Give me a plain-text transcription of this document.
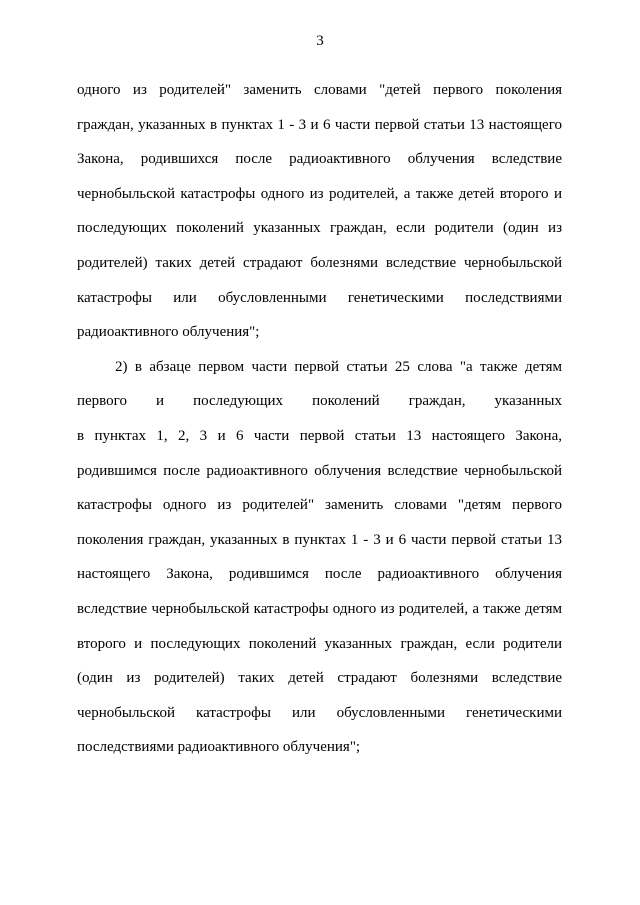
3
одного из родителей" заменить словами "детей первого поколения
граждан, указанных в пунктах 1 - 3 и 6 части первой статьи 13 настоящего
Закона, родившихся после радиоактивного облучения вследствие
чернобыльской катастрофы одного из родителей, а также детей второго и
последующих поколений указанных граждан, если родители (один из
родителей) таких детей страдают болезнями вследствие чернобыльской
катастрофы или обусловленными генетическими последствиями
радиоактивного облучения";
2) в абзаце первом части первой статьи 25 слова "а также детям
первого и последующих поколений граждан, указанных
в пунктах 1, 2, 3 и 6 части первой статьи 13 настоящего Закона,
родившимся после радиоактивного облучения вследствие чернобыльской
катастрофы одного из родителей" заменить словами "детям первого
поколения граждан, указанных в пунктах 1 - 3 и 6 части первой статьи 13
настоящего Закона, родившимся после радиоактивного облучения
вследствие чернобыльской катастрофы одного из родителей, а также детям
второго и последующих поколений указанных граждан, если родители
(один из родителей) таких детей страдают болезнями вследствие
чернобыльской катастрофы или обусловленными генетическими
последствиями радиоактивного облучения";
